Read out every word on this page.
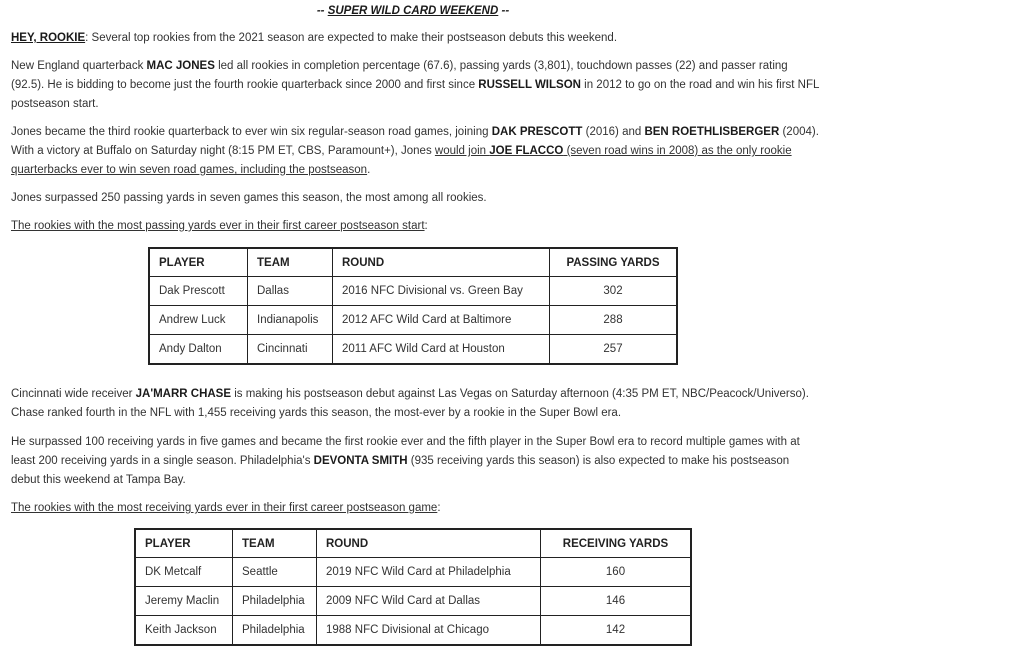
-- SUPER WILD CARD WEEKEND --

HEY, ROOKIE: Several top rookies from the 2021 season are expected to make their postseason debuts this weekend.

New England quarterback MAC JONES led all rookies in completion percentage (67.6), passing yards (3,801), touchdown passes (22) and passer rating (92.5). He is bidding to become just the fourth rookie quarterback since 2000 and first since RUSSELL WILSON in 2012 to go on the road and win his first NFL postseason start.

Jones became the third rookie quarterback to ever win six regular-season road games, joining DAK PRESCOTT (2016) and BEN ROETHLISBERGER (2004). With a victory at Buffalo on Saturday night (8:15 PM ET, CBS, Paramount+), Jones would join JOE FLACCO (seven road wins in 2008) as the only rookie quarterbacks ever to win seven road games, including the postseason.

Jones surpassed 250 passing yards in seven games this season, the most among all rookies.

The rookies with the most passing yards ever in their first career postseason start:

PLAYER	TEAM	ROUND	PASSING YARDS
Dak Prescott	Dallas	2016 NFC Divisional vs. Green Bay	302
Andrew Luck	Indianapolis	2012 AFC Wild Card at Baltimore	288
Andy Dalton	Cincinnati	2011 AFC Wild Card at Houston	257

Cincinnati wide receiver JA'MARR CHASE is making his postseason debut against Las Vegas on Saturday afternoon (4:35 PM ET, NBC/Peacock/Universo). Chase ranked fourth in the NFL with 1,455 receiving yards this season, the most-ever by a rookie in the Super Bowl era.

He surpassed 100 receiving yards in five games and became the first rookie ever and the fifth player in the Super Bowl era to record multiple games with at least 200 receiving yards in a single season. Philadelphia's DEVONTA SMITH (935 receiving yards this season) is also expected to make his postseason debut this weekend at Tampa Bay.

The rookies with the most receiving yards ever in their first career postseason game:

PLAYER	TEAM	ROUND	RECEIVING YARDS
DK Metcalf	Seattle	2019 NFC Wild Card at Philadelphia	160
Jeremy Maclin	Philadelphia	2009 NFC Wild Card at Dallas	146
Keith Jackson	Philadelphia	1988 NFC Divisional at Chicago	142
